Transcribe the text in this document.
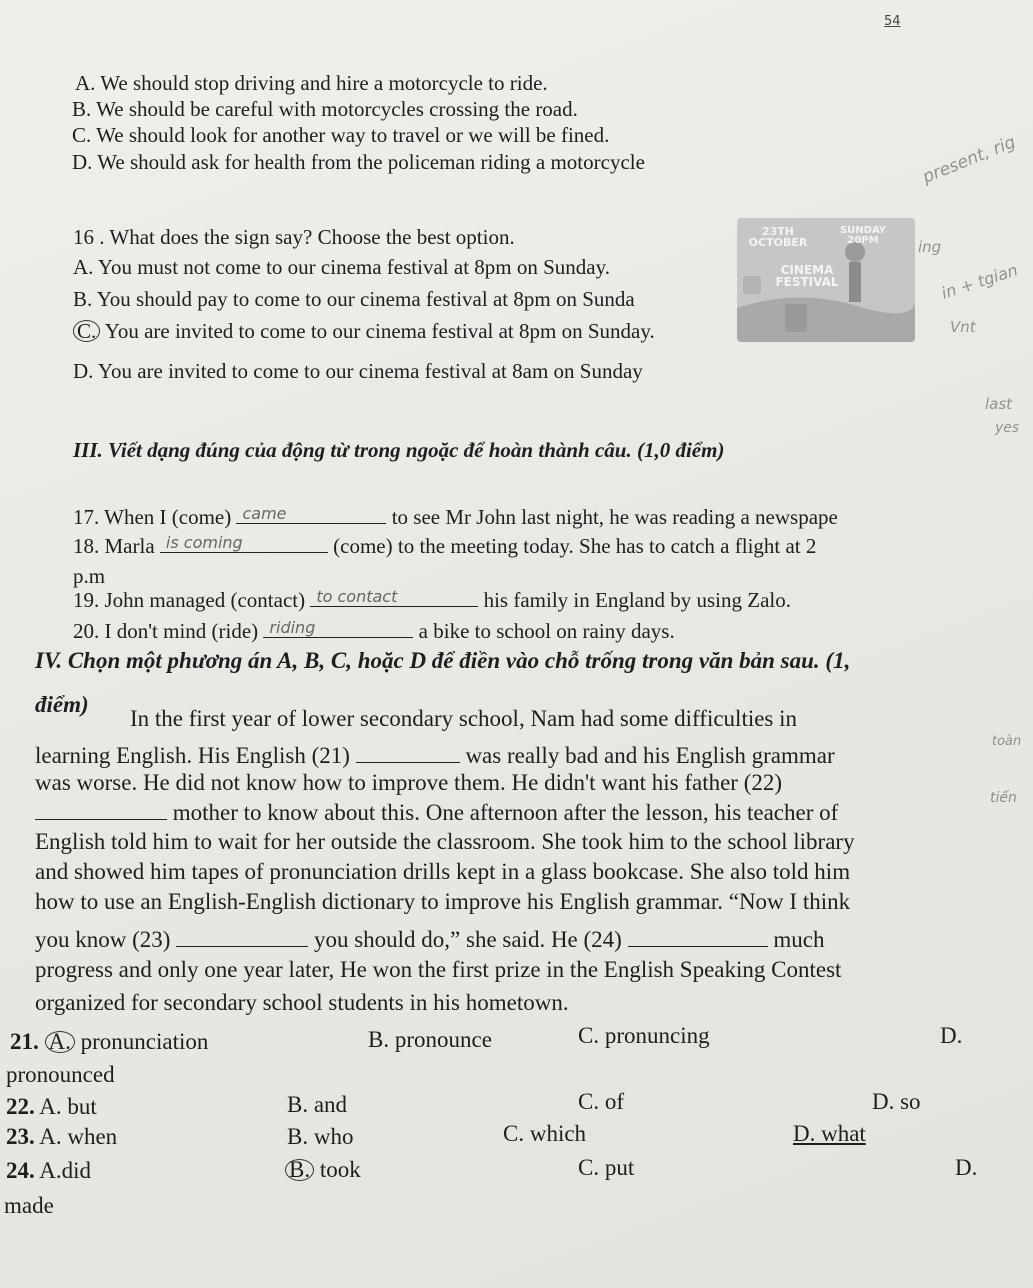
54
A. We should stop driving and hire a motorcycle to ride.
B. We should be careful with motorcycles crossing the road.
C. We should look for another way to travel or we will be fined.
D. We should ask for health from the policeman riding a motorcycle
16 . What does the sign say? Choose the best option.
A. You must not come to our cinema festival at 8pm on Sunday.
B. You should pay to come to our cinema festival at 8pm on Sunda
C. You are invited to come to our cinema festival at 8pm on Sunday.
D. You are invited to come to our cinema festival at 8am on Sunday
23TH OCTOBER
SUNDAY 20PM
CINEMA FESTIVAL
III. Viết dạng đúng của động từ trong ngoặc để hoàn thành câu. (1,0 điểm)
17. When I (come) came	to see Mr John last night, he was reading a newspape
18. Marla is coming	(come) to the meeting today. She has to catch a flight at 2
p.m
19. John managed (contact) to contact	his family in England by using Zalo.
20. I don't mind (ride) riding	a bike to school on rainy days.
IV. Chọn một phương án A, B, C, hoặc D để điền vào chỗ trống trong văn bản sau. (1,
điểm)
In the first year of lower secondary school, Nam had some difficulties in
learning English. His English (21)	was really bad and his English grammar
was worse. He did not know how to improve them. He didn't want his father (22)
mother to know about this. One afternoon after the lesson, his teacher of
English told him to wait for her outside the classroom. She took him to the school library
and showed him tapes of pronunciation drills kept in a glass bookcase. She also told him
how to use an English-English dictionary to improve his English grammar. “Now I think
you know (23)	you should do,” she said. He (24)	much
progress and only one year later, He won the first prize in the English Speaking Contest
organized for secondary school students in his hometown.
21. A. pronunciation	B. pronounce	C. pronuncing	D.
pronounced
22. A. but	B. and	C. of	D. so
23. A. when	B. who	C. which	D. what
24. A.did	B. took	C. put	D.
made
present, rig
ing
in + tgian
Vnt
last
yes
toàn
tiến
